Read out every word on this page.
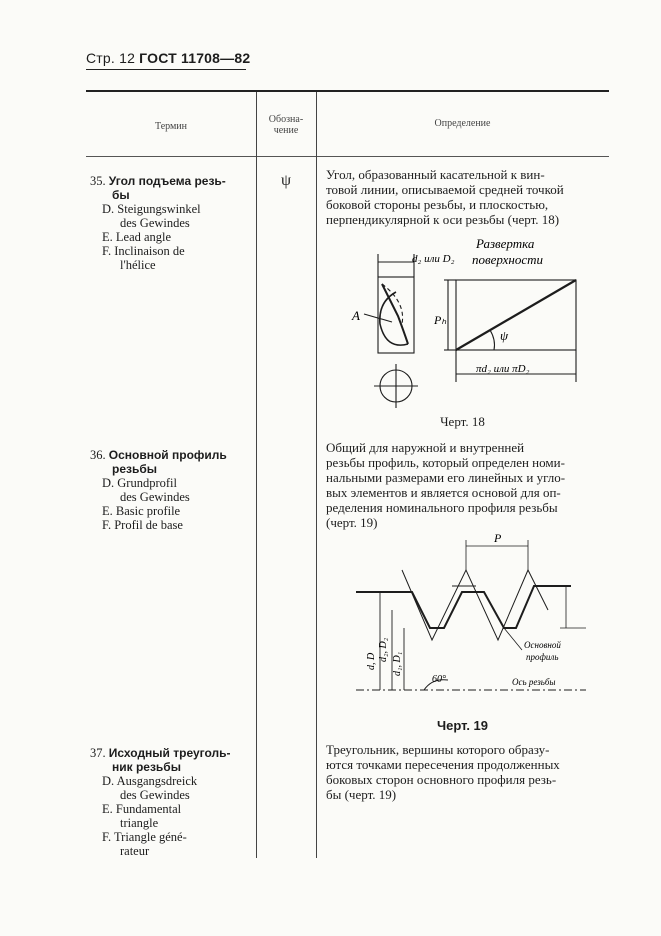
Стр. 12 ГОСТ 11708—82
Термин
Обозна-
чение
Определение
35. Угол подъема резь-
бы
D. Steigungswinkel
des Gewindes
E. Lead angle
F. Inclinaison de
l'hélice
ψ	Угол, образованный касательной к вин-
товой линии, описываемой средней точкой
боковой стороны резьбы, и плоскостью,
перпендикулярной к оси резьбы (черт. 18)
Развертка
поверхности
d₂ или D₂
A	Pₕ
ψ
πd₂ или πD₂
Черт. 18
36. Основной профиль
резьбы
D. Grundprofil
des Gewindes
E. Basic profile
F. Profil de base
Общий для наружной и внутренней
резьбы профиль, который определен номи-
нальными размерами его линейных и угло-
вых элементов и является основой для оп-
ределения номинального профиля резьбы
(черт. 19)
P
d, D d₂, D₂
d₁, D₁
60°
Основной
профиль
Ось резьбы
Черт. 19
37. Исходный треуголь-
ник резьбы
D. Ausgangsdreick
des Gewindes
E. Fundamental
triangle
F. Triangle géné-
rateur
Треугольник, вершины которого образу-
ются точками пересечения продолженных
боковых сторон основного профиля резь-
бы (черт. 19)
